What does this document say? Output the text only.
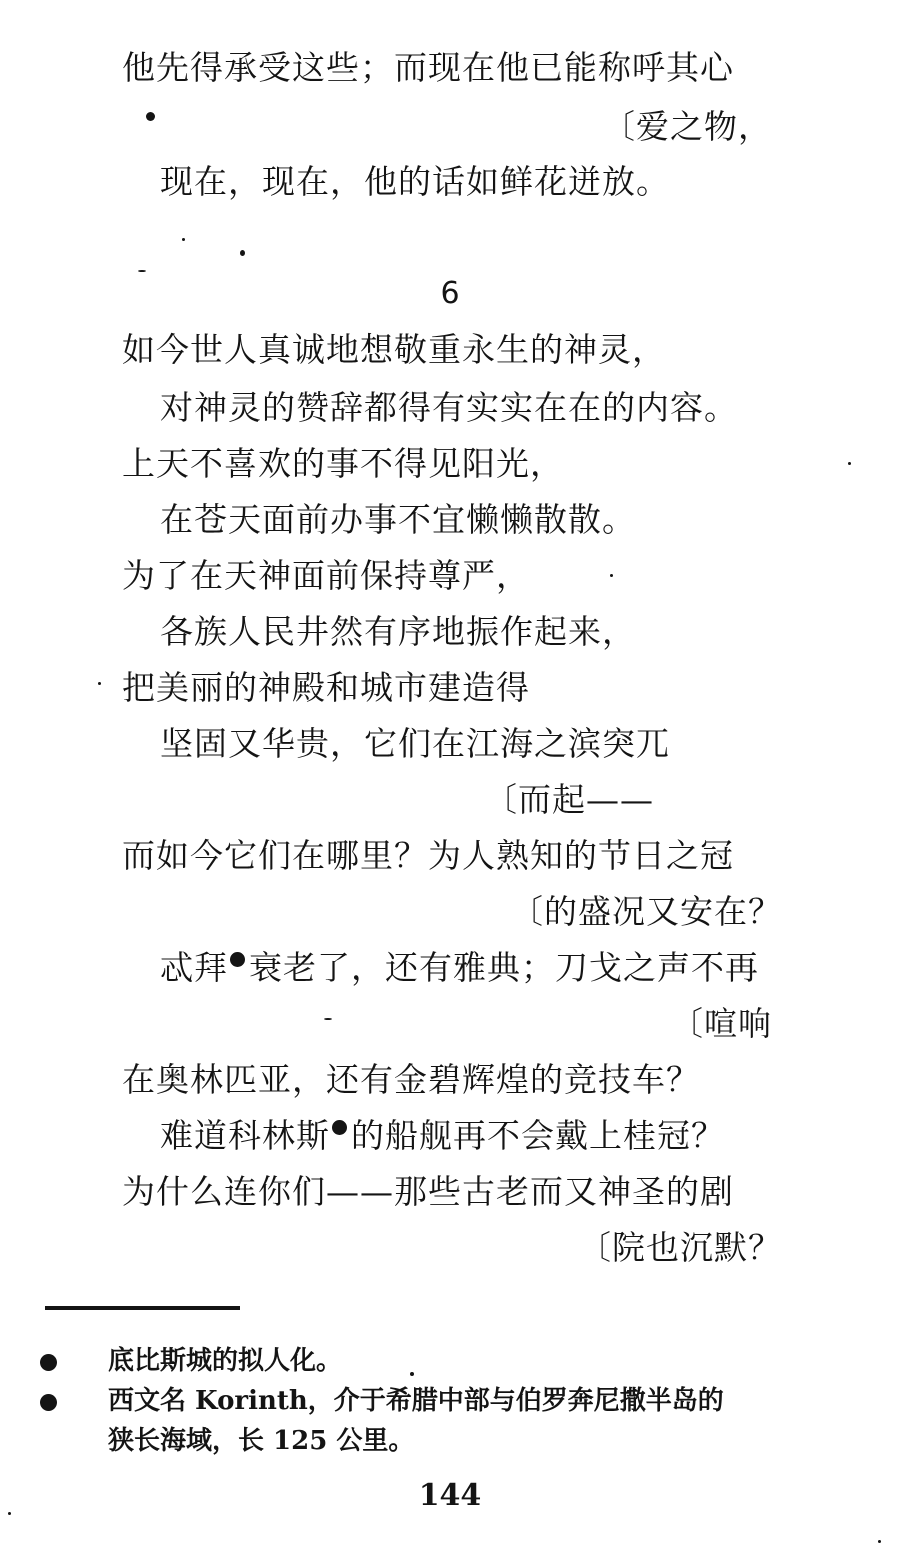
他先得承受这些；而现在他已能称呼其心
〔爱之物，
现在，现在，他的话如鲜花迸放。
6
如今世人真诚地想敬重永生的神灵，
对神灵的赞辞都得有实实在在的内容。
上天不喜欢的事不得见阳光，
在苍天面前办事不宜懒懒散散。
为了在天神面前保持尊严，
各族人民井然有序地振作起来，
把美丽的神殿和城市建造得
坚固又华贵，它们在江海之滨突兀
〔而起——
而如今它们在哪里？为人熟知的节日之冠
〔的盛况又安在？
忒拜 衰老了，还有雅典；刀戈之声不再
〔喧响
在奥林匹亚，还有金碧辉煌的竞技车？
难道科林斯 的船舰再不会戴上桂冠？
为什么连你们——那些古老而又神圣的剧
〔院也沉默？
底比斯城的拟人化。
西文名 Korinth，介于希腊中部与伯罗奔尼撒半岛的
狭长海域，长 125 公里。
144
